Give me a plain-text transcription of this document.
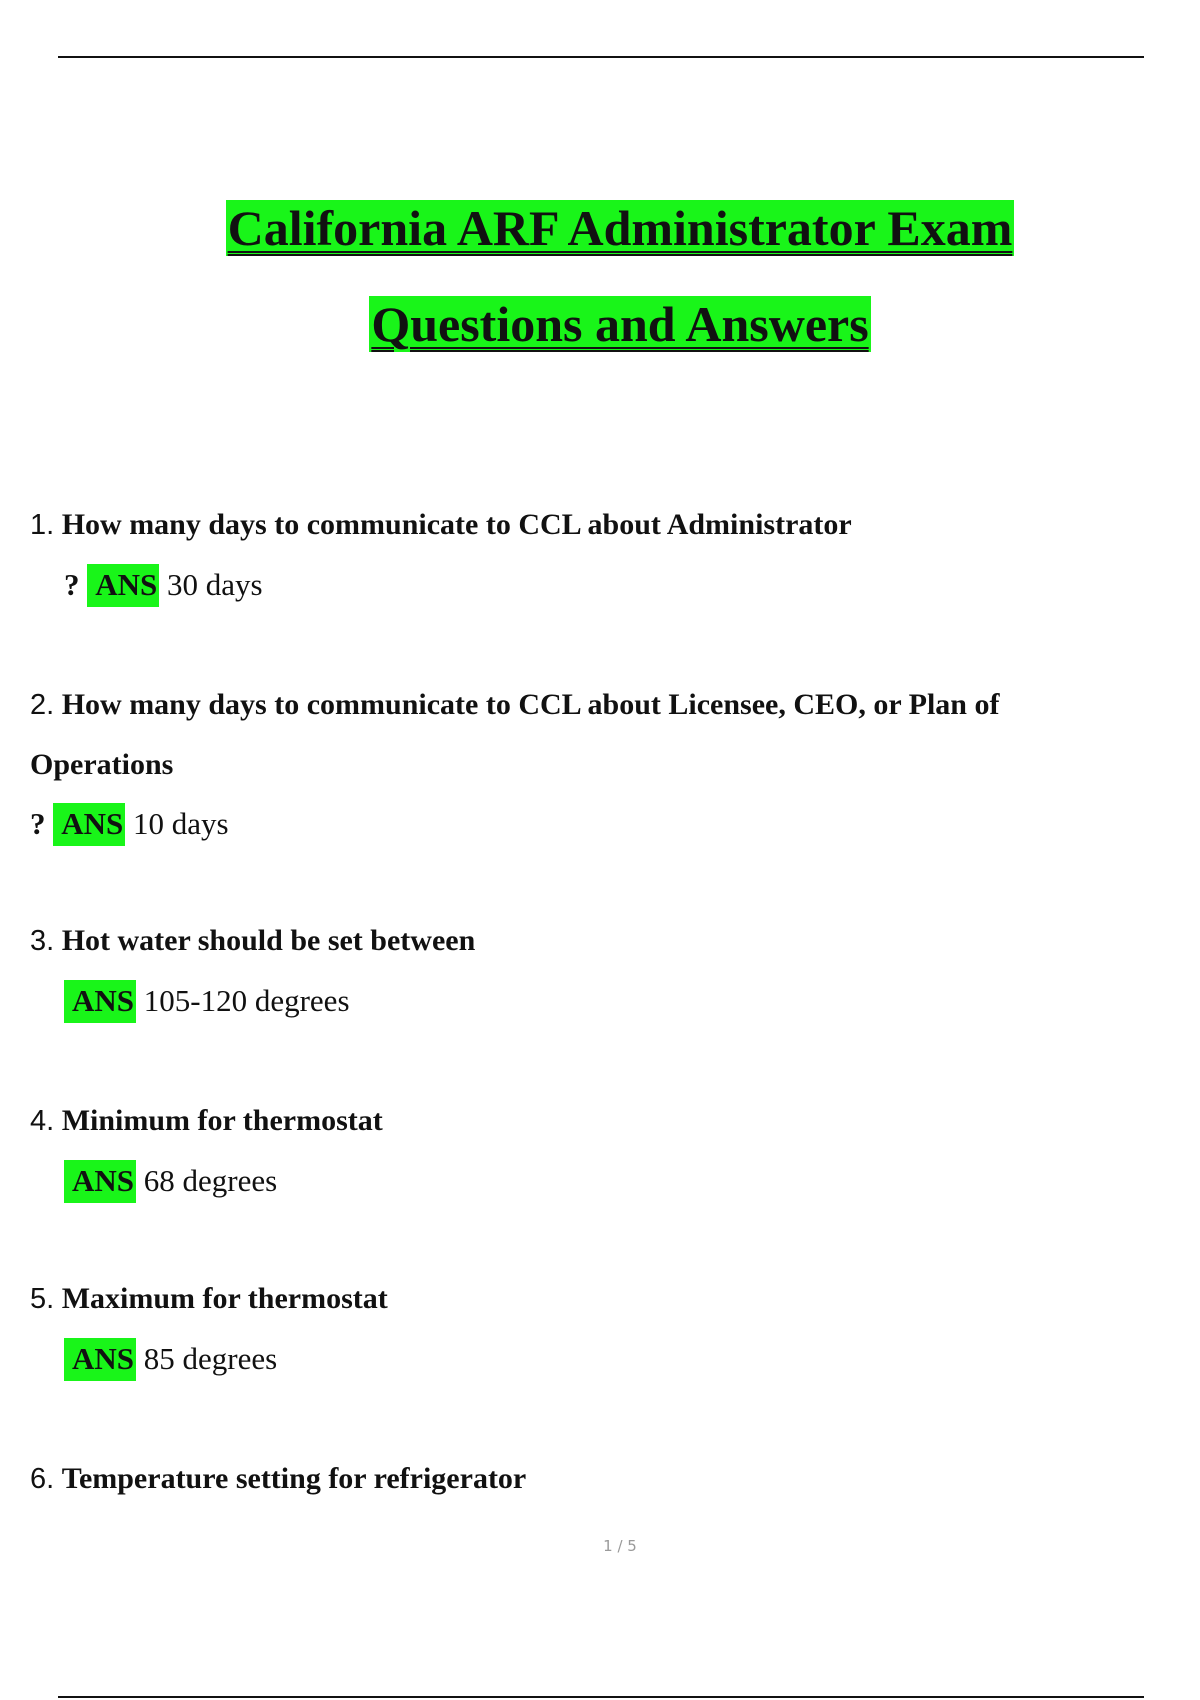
California ARF Administrator Exam
Questions and Answers
1. How many days to communicate to CCL about Administrator
? ANS 30 days
2. How many days to communicate to CCL about Licensee, CEO, or Plan of
Operations
? ANS 10 days
3. Hot water should be set between
ANS 105-120 degrees
4. Minimum for thermostat
ANS 68 degrees
5. Maximum for thermostat
ANS 85 degrees
6. Temperature setting for refrigerator
1 / 5
